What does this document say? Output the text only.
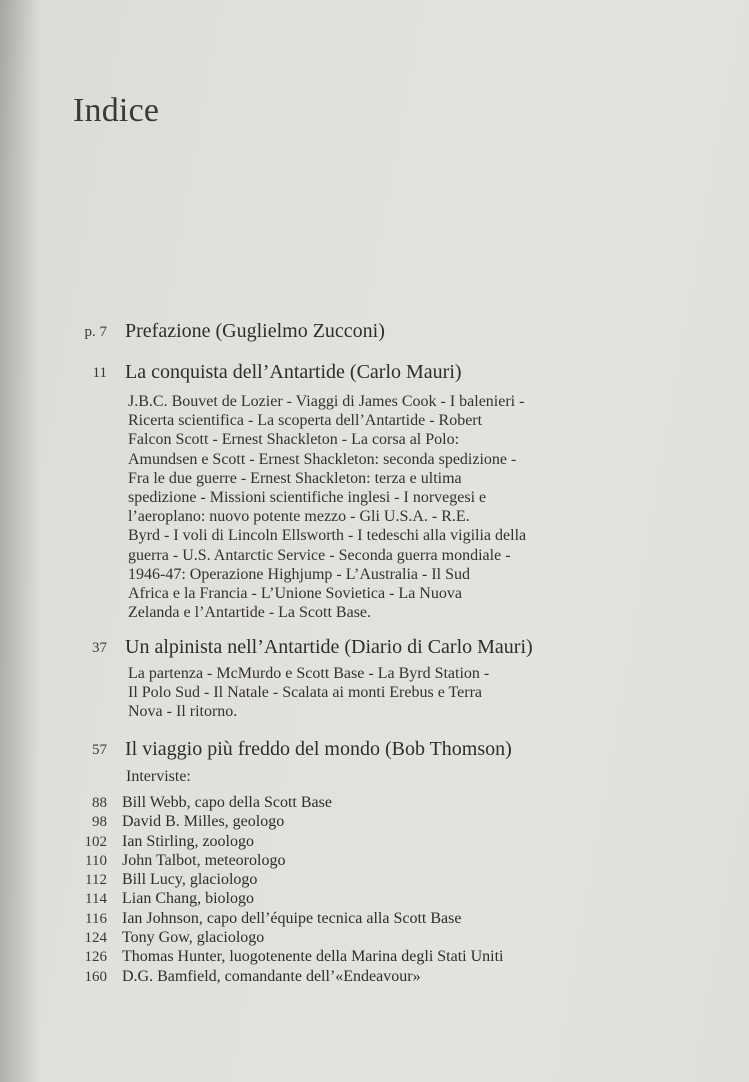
Indice
p. 7 Prefazione (Guglielmo Zucconi)
11 La conquista dell’Antartide (Carlo Mauri)
J.B.C. Bouvet de Lozier - Viaggi di James Cook - I balenieri -
Ricerta scientifica - La scoperta dell’Antartide - Robert
Falcon Scott - Ernest Shackleton - La corsa al Polo:
Amundsen e Scott - Ernest Shackleton: seconda spedizione -
Fra le due guerre - Ernest Shackleton: terza e ultima
spedizione - Missioni scientifiche inglesi - I norvegesi e
l’aeroplano: nuovo potente mezzo - Gli U.S.A. - R.E.
Byrd - I voli di Lincoln Ellsworth - I tedeschi alla vigilia della
guerra - U.S. Antarctic Service - Seconda guerra mondiale -
1946-47: Operazione Highjump - L’Australia - Il Sud
Africa e la Francia - L’Unione Sovietica - La Nuova
Zelanda e l’Antartide - La Scott Base.
37 Un alpinista nell’Antartide (Diario di Carlo Mauri)
La partenza - McMurdo e Scott Base - La Byrd Station -
Il Polo Sud - Il Natale - Scalata ai monti Erebus e Terra
Nova - Il ritorno.
57 Il viaggio più freddo del mondo (Bob Thomson)
Interviste:
88 Bill Webb, capo della Scott Base
98 David B. Milles, geologo
102 Ian Stirling, zoologo
110 John Talbot, meteorologo
112 Bill Lucy, glaciologo
114 Lian Chang, biologo
116 Ian Johnson, capo dell’équipe tecnica alla Scott Base
124 Tony Gow, glaciologo
126 Thomas Hunter, luogotenente della Marina degli Stati Uniti
160 D.G. Bamfield, comandante dell’«Endeavour»
